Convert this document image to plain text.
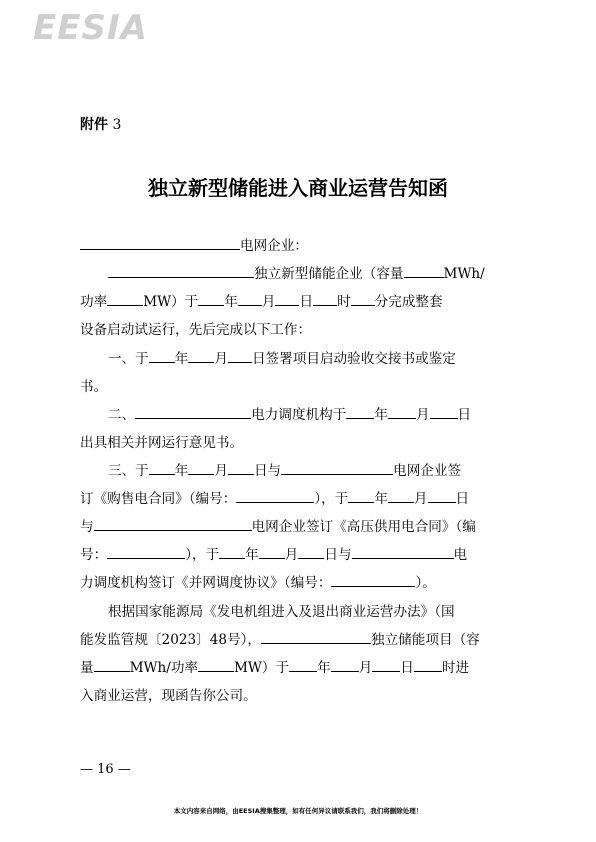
EESIA
附件 3
独立新型储能进入商业运营告知函
电网企业：
独立新型储能企业（容量	MWh/
功率	MW）于 年 月 日 时 分完成整套
设备启动试运行，先后完成以下工作：
一、于 年 月 日签署项目启动验收交接书或鉴定
书。
二、	电力调度机构于 年 月 日
出具相关并网运行意见书。
三、于 年 月 日与	电网企业签
订《购售电合同》（编号：	），于 年 月 日
与	电网企业签订《高压供用电合同》（编
号：	），于 年 月 日与	电
力调度机构签订《并网调度协议》（编号：	）。
根据国家能源局《发电机组进入及退出商业运营办法》（国
能发监管规〔2023〕48号），	独立储能项目（容
量	MWh/功率	MW）于 年 月 日 时进
入商业运营，现函告你公司。
— 16 —
本文内容来自网络，由EESIA搜集整理，如有任何异议请联系我们，我们将删除处理！
